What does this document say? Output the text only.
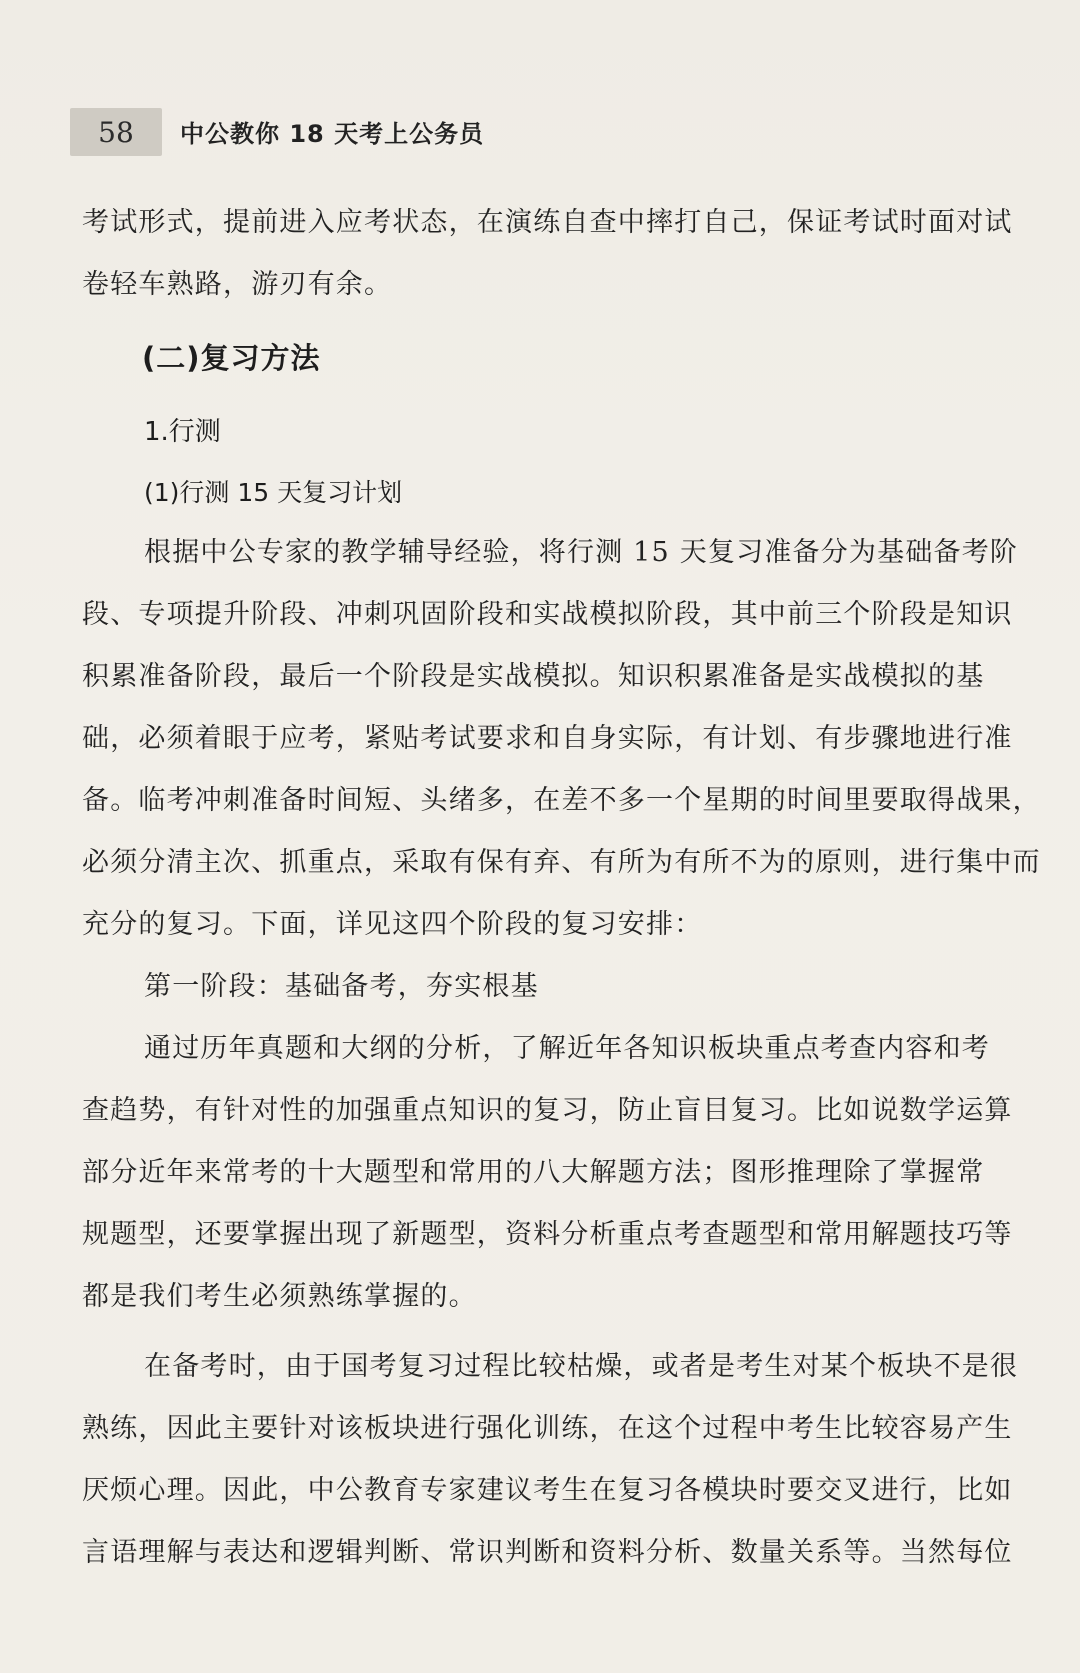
58 中公教你 18 天考上公务员
考试形式，提前进入应考状态，在演练自查中摔打自己，保证考试时面对试
卷轻车熟路，游刃有余。
(二)复习方法
1.行测
(1)行测 15 天复习计划
根据中公专家的教学辅导经验，将行测 15 天复习准备分为基础备考阶
段、专项提升阶段、冲刺巩固阶段和实战模拟阶段，其中前三个阶段是知识
积累准备阶段，最后一个阶段是实战模拟。知识积累准备是实战模拟的基
础，必须着眼于应考，紧贴考试要求和自身实际，有计划、有步骤地进行准
备。临考冲刺准备时间短、头绪多，在差不多一个星期的时间里要取得战果，
必须分清主次、抓重点，采取有保有弃、有所为有所不为的原则，进行集中而
充分的复习。下面，详见这四个阶段的复习安排：
第一阶段：基础备考，夯实根基
通过历年真题和大纲的分析，了解近年各知识板块重点考查内容和考
查趋势，有针对性的加强重点知识的复习，防止盲目复习。比如说数学运算
部分近年来常考的十大题型和常用的八大解题方法；图形推理除了掌握常
规题型，还要掌握出现了新题型，资料分析重点考查题型和常用解题技巧等
都是我们考生必须熟练掌握的。
在备考时，由于国考复习过程比较枯燥，或者是考生对某个板块不是很
熟练，因此主要针对该板块进行强化训练，在这个过程中考生比较容易产生
厌烦心理。因此，中公教育专家建议考生在复习各模块时要交叉进行，比如
言语理解与表达和逻辑判断、常识判断和资料分析、数量关系等。当然每位
